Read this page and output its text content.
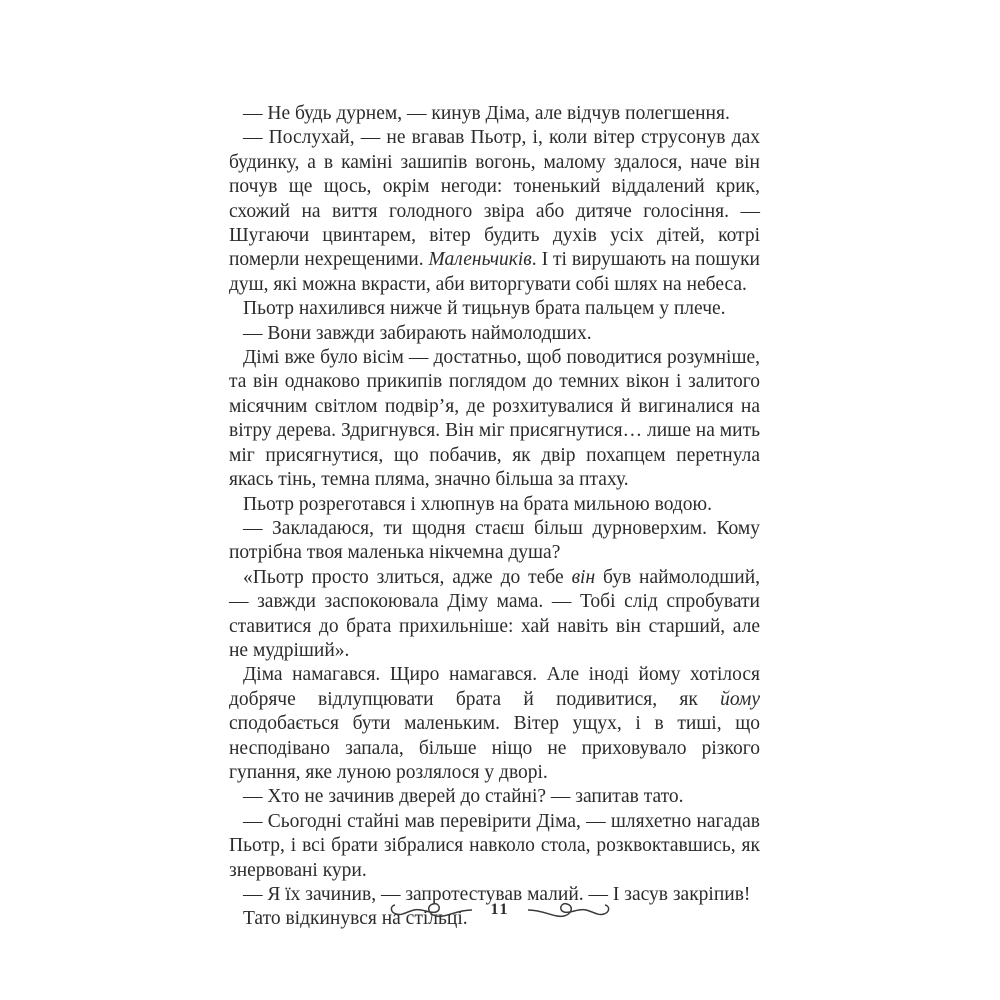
— Не будь дурнем, — кинув Діма, але відчув полегшення.

— Послухай, — не вгавав Пьотр, і, коли вітер струсонув дах будинку, а в каміні зашипів вогонь, малому здалося, наче він почув ще щось, окрім негоди: тоненький віддалений крик, схожий на виття голодного звіра або дитяче голосіння. — Шугаючи цвинтарем, вітер будить духів усіх дітей, котрі померли нехрещеними. Маленьчиків. І ті вирушають на пошуки душ, які можна вкрасти, аби виторгувати собі шлях на небеса.

Пьотр нахилився нижче й тицьнув брата пальцем у плече.

— Вони завжди забирають наймолодших.

Дімі вже було вісім — достатньо, щоб поводитися розумніше, та він однаково прикипів поглядом до темних вікон і залитого місячним світлом подвір’я, де розхитувалися й вигиналися на вітру дерева. Здригнувся. Він міг присягнутися… лише на мить міг присягнутися, що побачив, як двір похапцем перетнула якась тінь, темна пляма, значно більша за птаху.

Пьотр розреготався і хлюпнув на брата мильною водою.

— Закладаюся, ти щодня стаєш більш дурноверхим. Кому потрібна твоя маленька нікчемна душа?

«Пьотр просто злиться, адже до тебе він був наймолодший, — завжди заспокоювала Діму мама. — Тобі слід спробувати ставитися до брата прихильніше: хай навіть він старший, але не мудріший».

Діма намагався. Щиро намагався. Але іноді йому хотілося добряче відлупцювати брата й подивитися, як йому сподобається бути маленьким. Вітер ущух, і в тиші, що несподівано запала, більше ніщо не приховувало різкого гупання, яке луною розлялося у дворі.

— Хто не зачинив дверей до стайні? — запитав тато.

— Сьогодні стайні мав перевірити Діма, — шляхетно нагадав Пьотр, і всі брати зібралися навколо стола, розквоктавшись, як знервовані кури.

— Я їх зачинив, — запротестував малий. — І засув закріпив!

Тато відкинувся на стільці.	11
